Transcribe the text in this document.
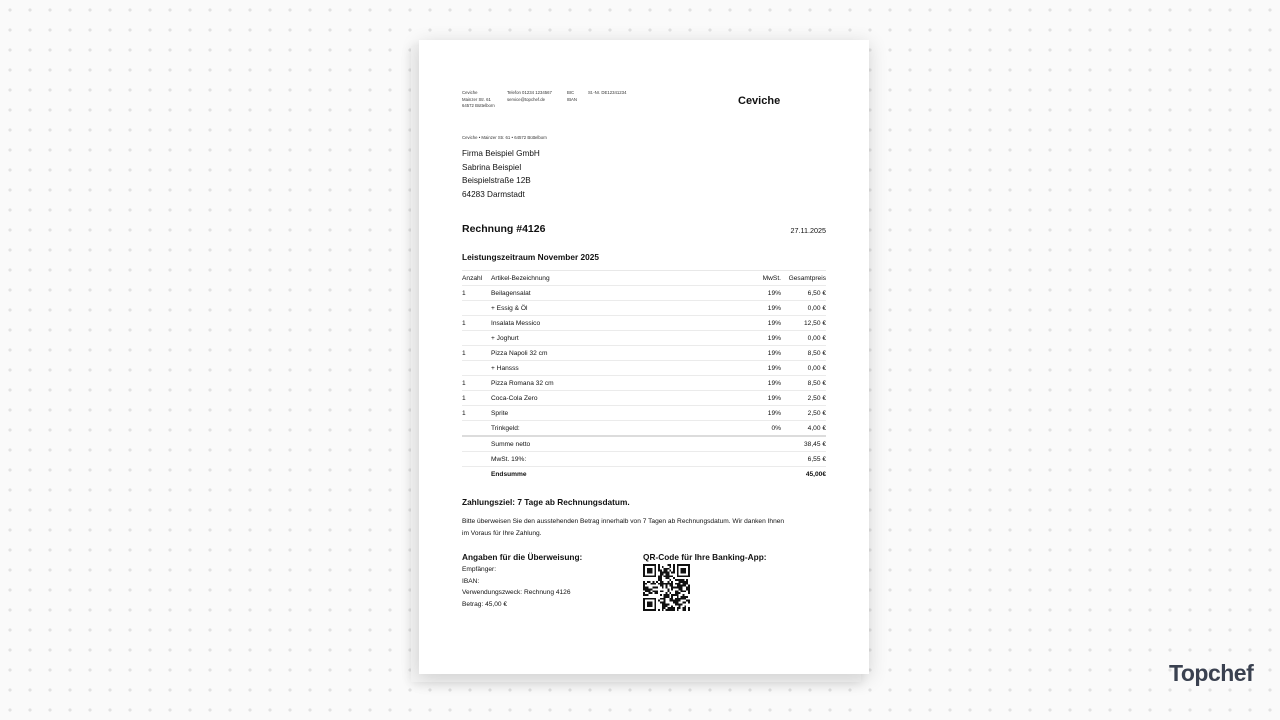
Ceviche
Mainzer Str. 61
64572 Büttelborn
Telefon 01234 1234567
service@topchef.de
BIC
IBAN
St.-Nr. DE12341234
Ceviche
Ceviche • Mainzer Str. 61 • 64572 Büttelborn
Firma Beispiel GmbH
Sabrina Beispiel
Beispielstraße 12B
64283 Darmstadt
Rechnung #4126	27.11.2025
Leistungszeitraum November 2025
Anzahl	Artikel-Bezeichnung	MwSt.	Gesamtpreis
1	Beilagensalat	19%	6,50 €
	+ Essig & Öl	19%	0,00 €
1	Insalata Messico	19%	12,50 €
	+ Joghurt	19%	0,00 €
1	Pizza Napoli 32 cm	19%	8,50 €
	+ Hansss	19%	0,00 €
1	Pizza Romana 32 cm	19%	8,50 €
1	Coca-Cola Zero	19%	2,50 €
1	Sprite	19%	2,50 €
	Trinkgeld:	0%	4,00 €
	Summe netto		38,45 €
	MwSt. 19%:		6,55 €
	Endsumme		45,00€
Zahlungsziel: 7 Tage ab Rechnungsdatum.
Bitte überweisen Sie den ausstehenden Betrag innerhalb von 7 Tagen ab Rechnungsdatum. Wir danken Ihnen
im Voraus für Ihre Zahlung.
Angaben für die Überweisung:
Empfänger:
IBAN:
Verwendungszweck: Rechnung 4126
Betrag: 45,00 €
QR-Code für Ihre Banking-App:
Topchef
